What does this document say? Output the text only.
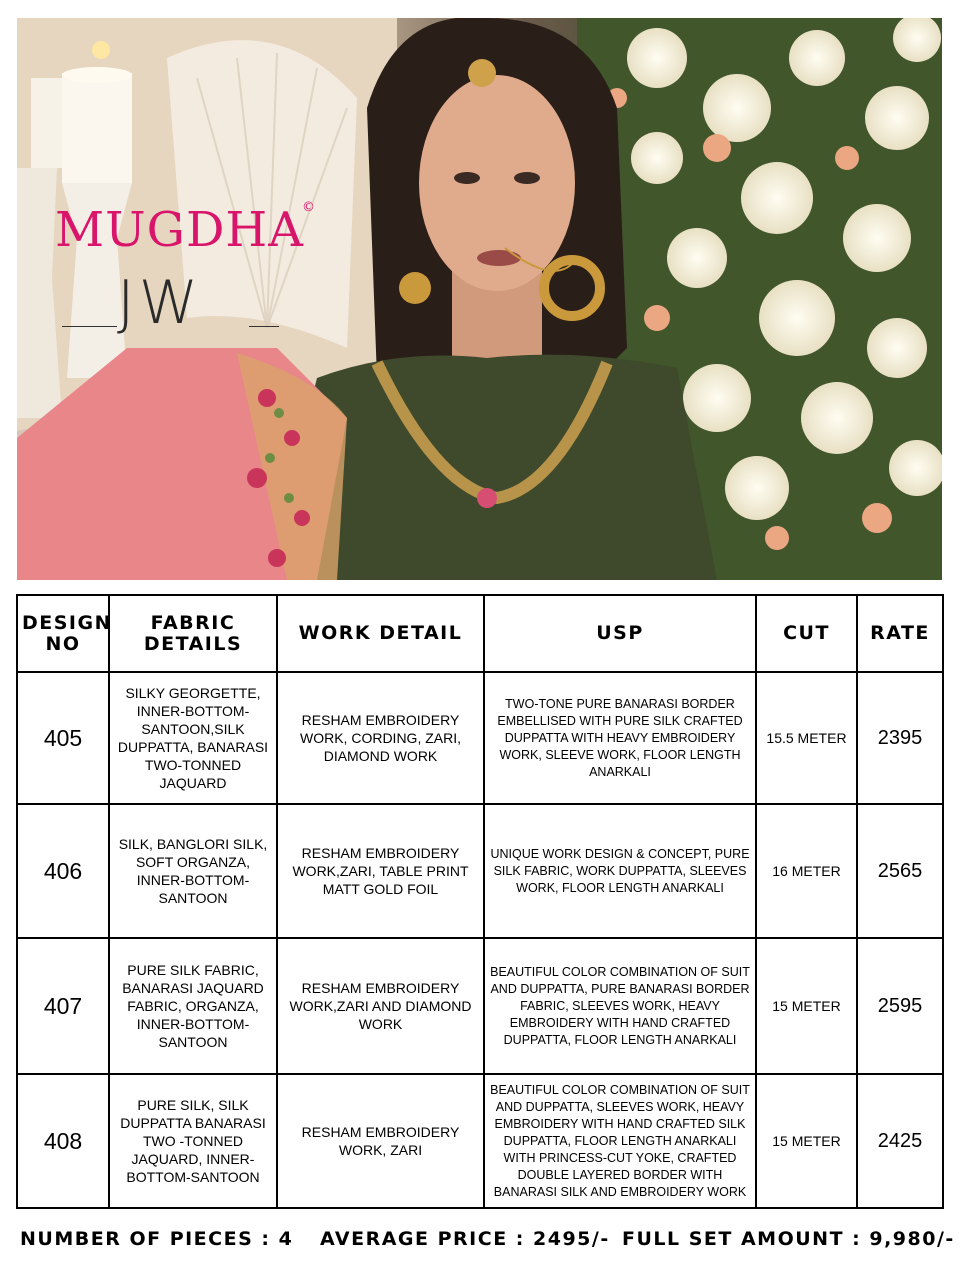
MUGDHA
©
JW
DESIGN NO	FABRIC DETAILS	WORK DETAIL	USP	CUT	RATE
405	SILKY GEORGETTE, INNER-BOTTOM-SANTOON,SILK DUPPATTA, BANARASI TWO-TONNED JAQUARD	RESHAM EMBROIDERY WORK, CORDING, ZARI, DIAMOND WORK	TWO-TONE PURE BANARASI BORDER EMBELLISED WITH PURE SILK CRAFTED DUPPATTA WITH HEAVY EMBROIDERY WORK, SLEEVE WORK, FLOOR LENGTH ANARKALI	15.5 METER	2395
406	SILK, BANGLORI SILK, SOFT ORGANZA, INNER-BOTTOM-SANTOON	RESHAM EMBROIDERY WORK,ZARI, TABLE PRINT MATT GOLD FOIL	UNIQUE WORK DESIGN & CONCEPT, PURE SILK FABRIC, WORK DUPPATTA, SLEEVES WORK, FLOOR LENGTH ANARKALI	16 METER	2565
407	PURE SILK FABRIC, BANARASI JAQUARD FABRIC, ORGANZA, INNER-BOTTOM-SANTOON	RESHAM EMBROIDERY WORK,ZARI AND DIAMOND WORK	BEAUTIFUL COLOR COMBINATION OF SUIT AND DUPPATTA, PURE BANARASI BORDER FABRIC, SLEEVES WORK, HEAVY EMBROIDERY WITH HAND CRAFTED DUPPATTA, FLOOR LENGTH ANARKALI	15 METER	2595
408	PURE SILK, SILK DUPPATTA BANARASI TWO -TONNED JAQUARD, INNER-BOTTOM-SANTOON	RESHAM EMBROIDERY WORK, ZARI	BEAUTIFUL COLOR COMBINATION OF SUIT AND DUPPATTA, SLEEVES WORK, HEAVY EMBROIDERY WITH HAND CRAFTED SILK DUPPATTA, FLOOR LENGTH ANARKALI WITH PRINCESS-CUT YOKE, CRAFTED DOUBLE LAYERED BORDER WITH BANARASI SILK AND EMBROIDERY WORK	15 METER	2425
NUMBER OF PIECES : 4 AVERAGE PRICE : 2495/- FULL SET AMOUNT : 9,980/-
